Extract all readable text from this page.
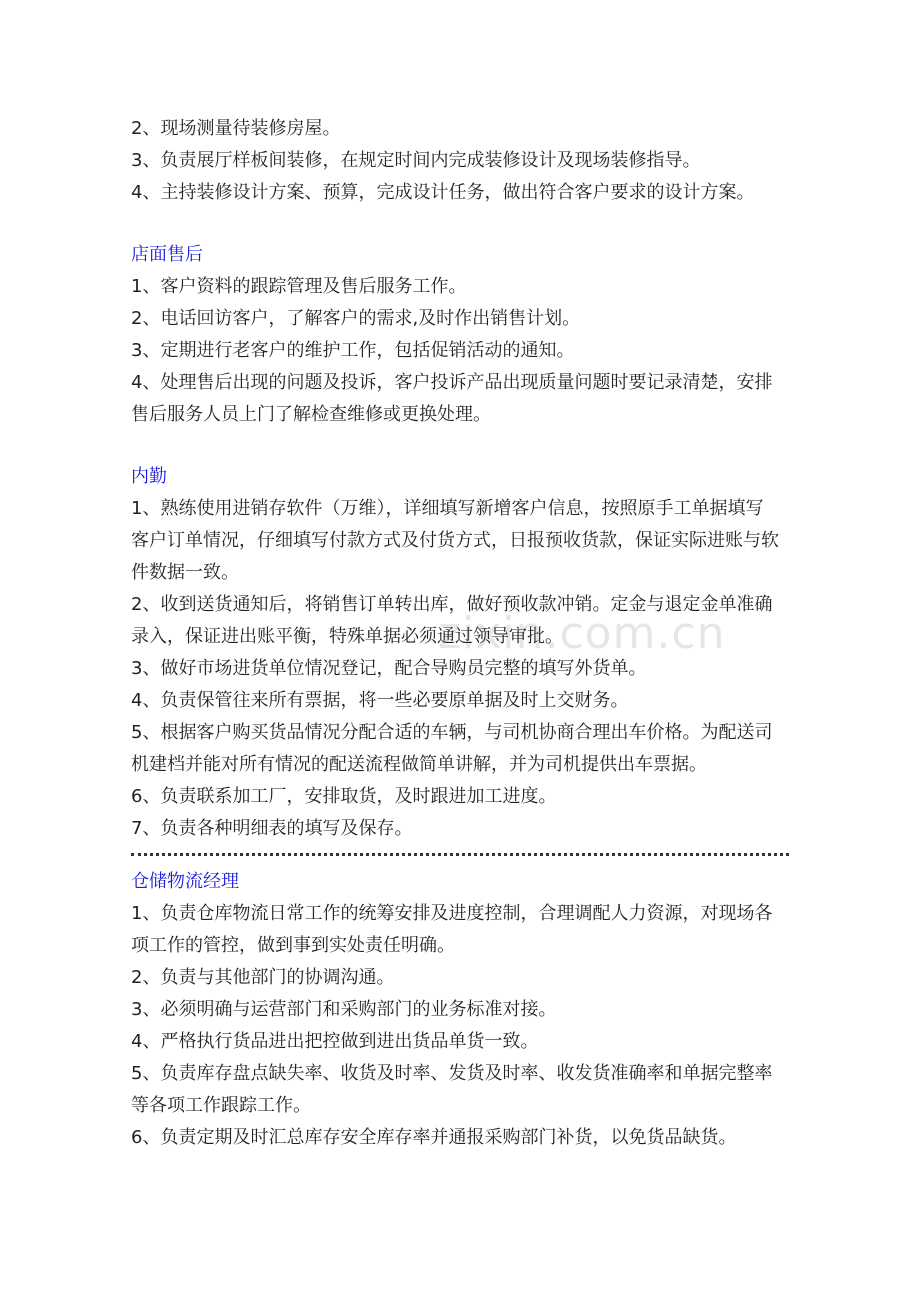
zixin.com.cn

2、现场测量待装修房屋。

3、负责展厅样板间装修，在规定时间内完成装修设计及现场装修指导。

4、主持装修设计方案、预算，完成设计任务，做出符合客户要求的设计方案。

店面售后

1、客户资料的跟踪管理及售后服务工作。

2、电话回访客户，了解客户的需求,及时作出销售计划。

3、定期进行老客户的维护工作，包括促销活动的通知。

4、处理售后出现的问题及投诉，客户投诉产品出现质量问题时要记录清楚，安排

售后服务人员上门了解检查维修或更换处理。

内勤

1、熟练使用进销存软件（万维），详细填写新增客户信息，按照原手工单据填写

客户订单情况，仔细填写付款方式及付货方式，日报预收货款，保证实际进账与软

件数据一致。

2、收到送货通知后，将销售订单转出库，做好预收款冲销。定金与退定金单准确

录入，保证进出账平衡，特殊单据必须通过领导审批。

3、做好市场进货单位情况登记，配合导购员完整的填写外货单。

4、负责保管往来所有票据，将一些必要原单据及时上交财务。

5、根据客户购买货品情况分配合适的车辆，与司机协商合理出车价格。为配送司

机建档并能对所有情况的配送流程做简单讲解，并为司机提供出车票据。

6、负责联系加工厂，安排取货，及时跟进加工进度。

7、负责各种明细表的填写及保存。

仓储物流经理

1、负责仓库物流日常工作的统筹安排及进度控制，合理调配人力资源，对现场各

项工作的管控，做到事到实处责任明确。

2、负责与其他部门的协调沟通。

3、必须明确与运营部门和采购部门的业务标准对接。

4、严格执行货品进出把控做到进出货品单货一致。

5、负责库存盘点缺失率、收货及时率、发货及时率、收发货准确率和单据完整率

等各项工作跟踪工作。

6、负责定期及时汇总库存安全库存率并通报采购部门补货，以免货品缺货。
